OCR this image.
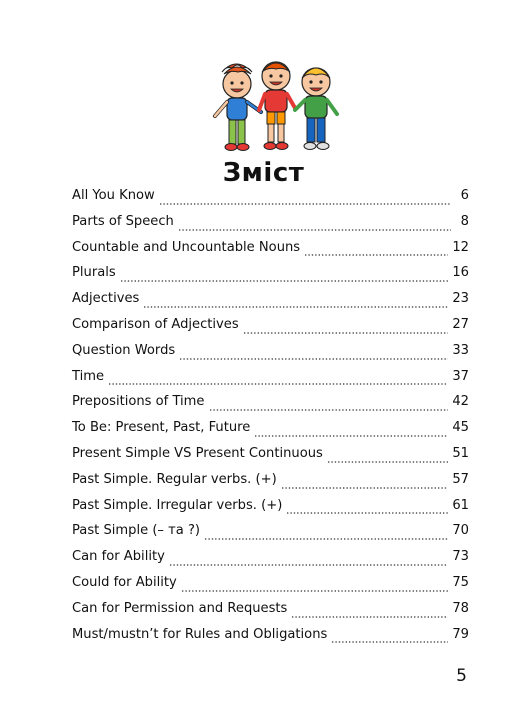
Зміст
All You Know	6
Parts of Speech	8
Countable and Uncountable Nouns	12
Plurals	16
Adjectives	23
Comparison of Adjectives	27
Question Words	33
Time	37
Prepositions of Time	42
To Be: Present, Past, Future	45
Present Simple VS Present Continuous	51
Past Simple. Regular verbs. (+)	57
Past Simple. Irregular verbs. (+)	61
Past Simple (– та ?)	70
Can for Ability	73
Could for Ability	75
Can for Permission and Requests	78
Must/mustn’t for Rules and Obligations	79
5
